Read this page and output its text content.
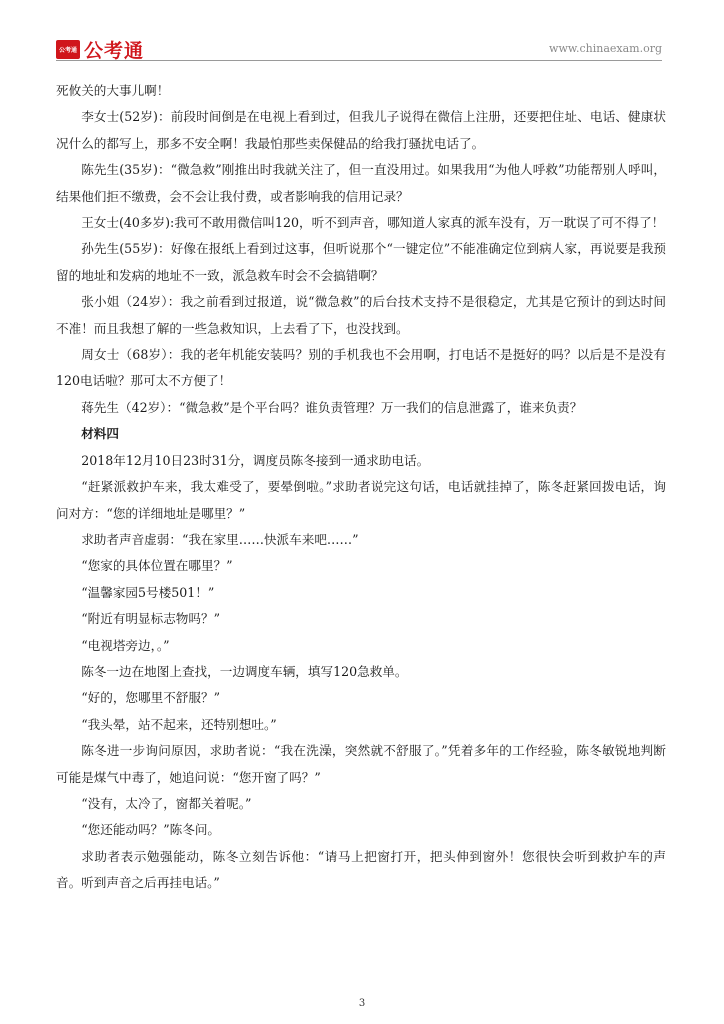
公考通 公考通	www.chinaexam.org

死攸关的大事儿啊！

李女士(52岁)：前段时间倒是在电视上看到过，但我儿子说得在微信上注册，还要把住址、电话、健康状况什么的都写上，那多不安全啊！我最怕那些卖保健品的给我打骚扰电话了。

陈先生(35岁)：“微急救”刚推出时我就关注了，但一直没用过。如果我用“为他人呼救”功能帮别人呼叫，结果他们拒不缴费，会不会让我付费，或者影响我的信用记录？

王女士(40多岁):我可不敢用微信叫120，听不到声音，哪知道人家真的派车没有，万一耽误了可不得了！

孙先生(55岁)：好像在报纸上看到过这事，但听说那个“一键定位”不能准确定位到病人家，再说要是我预留的地址和发病的地址不一致，派急救车时会不会搞错啊？

张小姐（24岁）：我之前看到过报道，说“微急救”的后台技术支持不是很稳定，尤其是它预计的到达时间不准！而且我想了解的一些急救知识，上去看了下，也没找到。

周女士（68岁）：我的老年机能安装吗？别的手机我也不会用啊，打电话不是挺好的吗？以后是不是没有120电话啦？那可太不方便了！

蒋先生（42岁）：“微急救”是个平台吗？谁负责管理？万一我们的信息泄露了，谁来负责？

材料四

2018年12月10日23时31分，调度员陈冬接到一通求助电话。

“赶紧派救护车来，我太难受了，要晕倒啦。”求助者说完这句话，电话就挂掉了，陈冬赶紧回拨电话，询问对方：“您的详细地址是哪里？”

求助者声音虚弱：“我在家里……快派车来吧……”

“您家的具体位置在哪里？”

“温馨家园5号楼501！”

“附近有明显标志物吗？”

“电视塔旁边，。”

陈冬一边在地图上查找，一边调度车辆，填写120急救单。

“好的，您哪里不舒服？”

“我头晕，站不起来，还特别想吐。”

陈冬进一步询问原因，求助者说：“我在洗澡，突然就不舒服了。”凭着多年的工作经验，陈冬敏锐地判断可能是煤气中毒了，她追问说：“您开窗了吗？”

“没有，太冷了，窗都关着呢。”

“您还能动吗？”陈冬问。

求助者表示勉强能动，陈冬立刻告诉他：“请马上把窗打开，把头伸到窗外！您很快会听到救护车的声音。听到声音之后再挂电话。”

3
